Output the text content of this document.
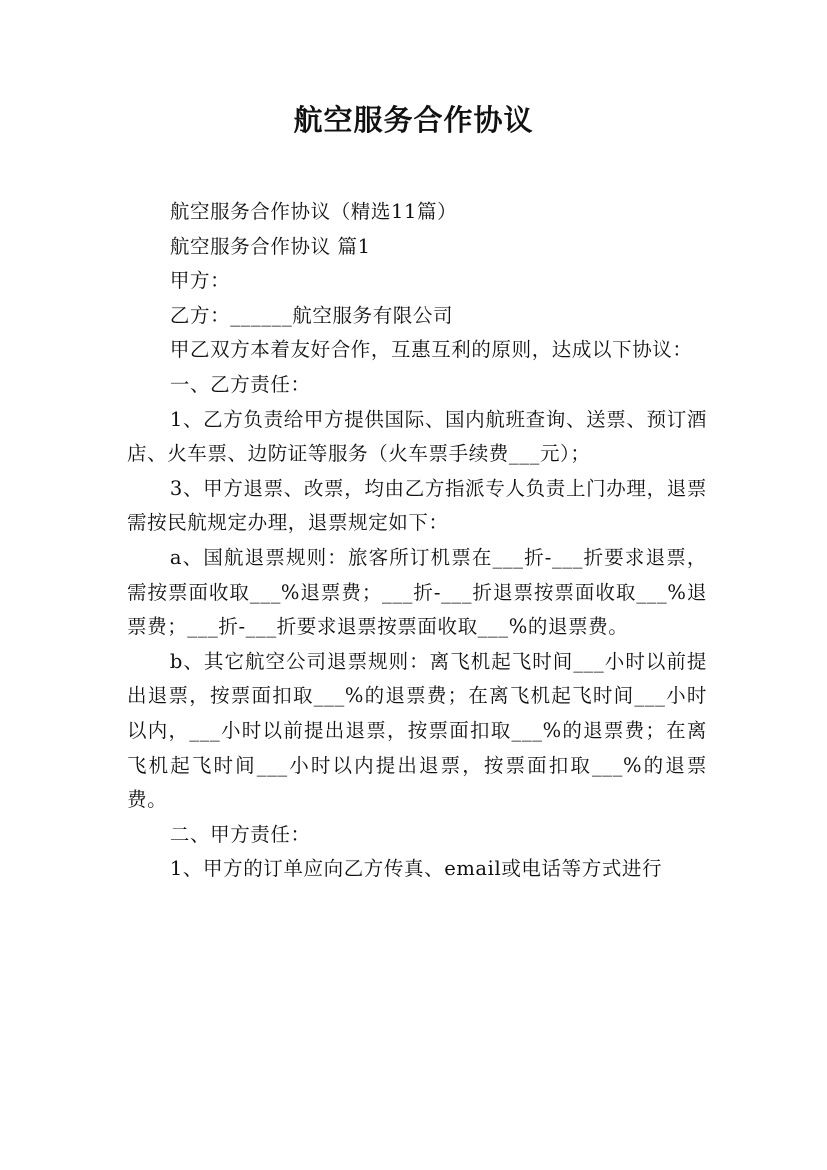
航空服务合作协议

航空服务合作协议（精选11篇）

航空服务合作协议 篇1

甲方：

乙方：______航空服务有限公司

甲乙双方本着友好合作，互惠互利的原则，达成以下协议：

一、乙方责任：

1、乙方负责给甲方提供国际、国内航班查询、送票、预订酒店、火车票、边防证等服务（火车票手续费___元）；

3、甲方退票、改票，均由乙方指派专人负责上门办理，退票需按民航规定办理，退票规定如下：

a、国航退票规则：旅客所订机票在___折-___折要求退票，需按票面收取___%退票费；___折-___折退票按票面收取___%退票费；___折-___折要求退票按票面收取___%的退票费。

b、其它航空公司退票规则：离飞机起飞时间___小时以前提出退票，按票面扣取___%的退票费；在离飞机起飞时间___小时以内，___小时以前提出退票，按票面扣取___%的退票费；在离飞机起飞时间___小时以内提出退票，按票面扣取___%的退票费。

二、甲方责任：

1、甲方的订单应向乙方传真、email或电话等方式进行
